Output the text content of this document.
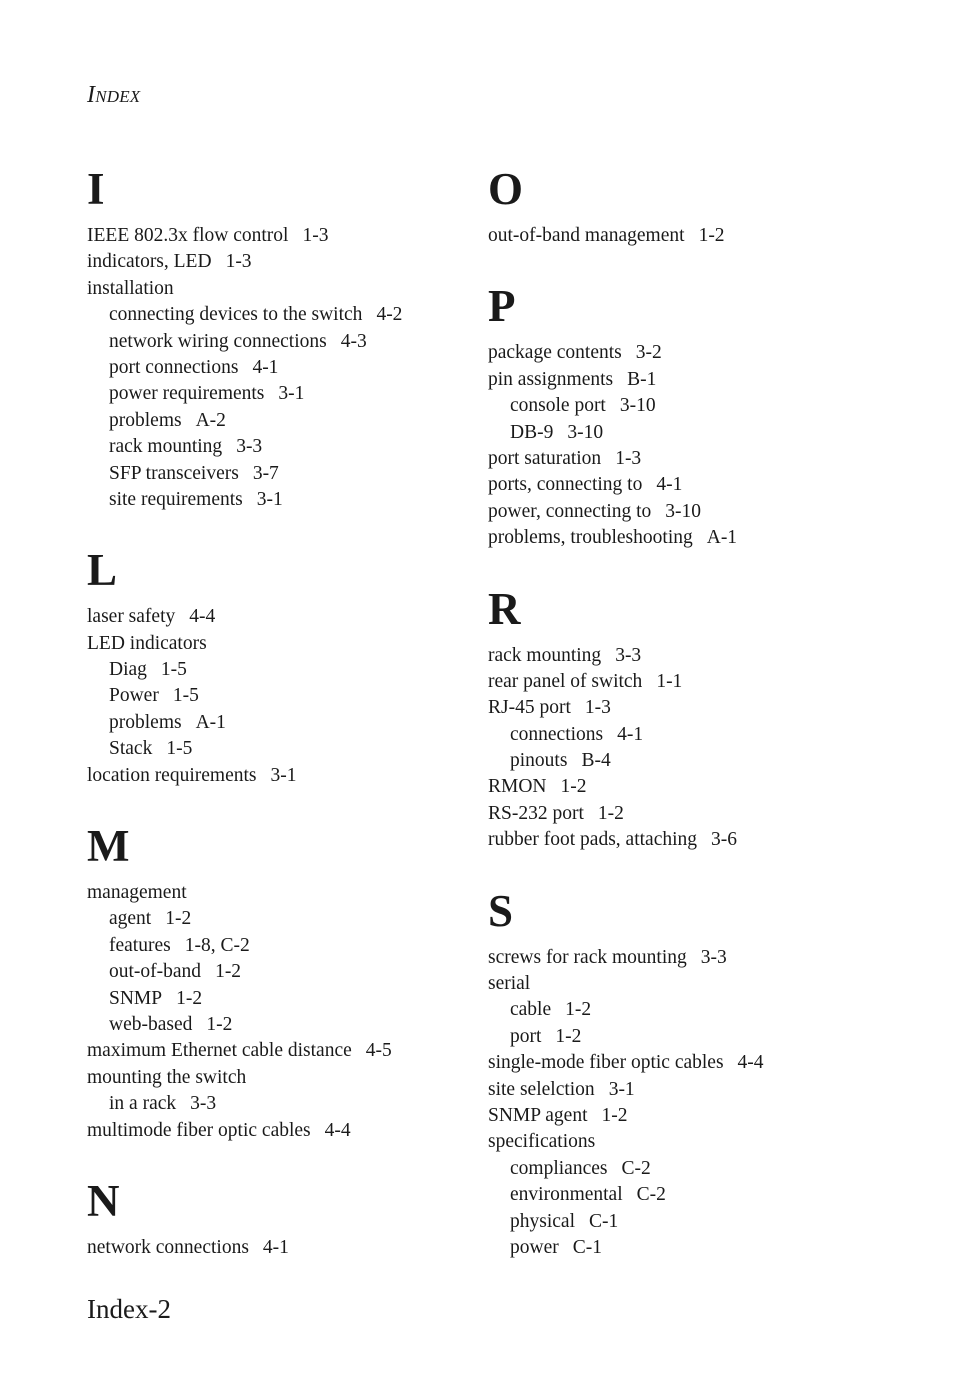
INDEX
I
IEEE 802.3x flow control 1-3
indicators, LED 1-3
installation
connecting devices to the switch 4-2
network wiring connections 4-3
port connections 4-1
power requirements 3-1
problems A-2
rack mounting 3-3
SFP transceivers 3-7
site requirements 3-1
L
laser safety 4-4
LED indicators
Diag 1-5
Power 1-5
problems A-1
Stack 1-5
location requirements 3-1
M
management
agent 1-2
features 1-8, C-2
out-of-band 1-2
SNMP 1-2
web-based 1-2
maximum Ethernet cable distance 4-5
mounting the switch
in a rack 3-3
multimode fiber optic cables 4-4
N
network connections 4-1
O
out-of-band management 1-2
P
package contents 3-2
pin assignments B-1
console port 3-10
DB-9 3-10
port saturation 1-3
ports, connecting to 4-1
power, connecting to 3-10
problems, troubleshooting A-1
R
rack mounting 3-3
rear panel of switch 1-1
RJ-45 port 1-3
connections 4-1
pinouts B-4
RMON 1-2
RS-232 port 1-2
rubber foot pads, attaching 3-6
S
screws for rack mounting 3-3
serial
cable 1-2
port 1-2
single-mode fiber optic cables 4-4
site selelction 3-1
SNMP agent 1-2
specifications
compliances C-2
environmental C-2
physical C-1
power C-1
Index-2
